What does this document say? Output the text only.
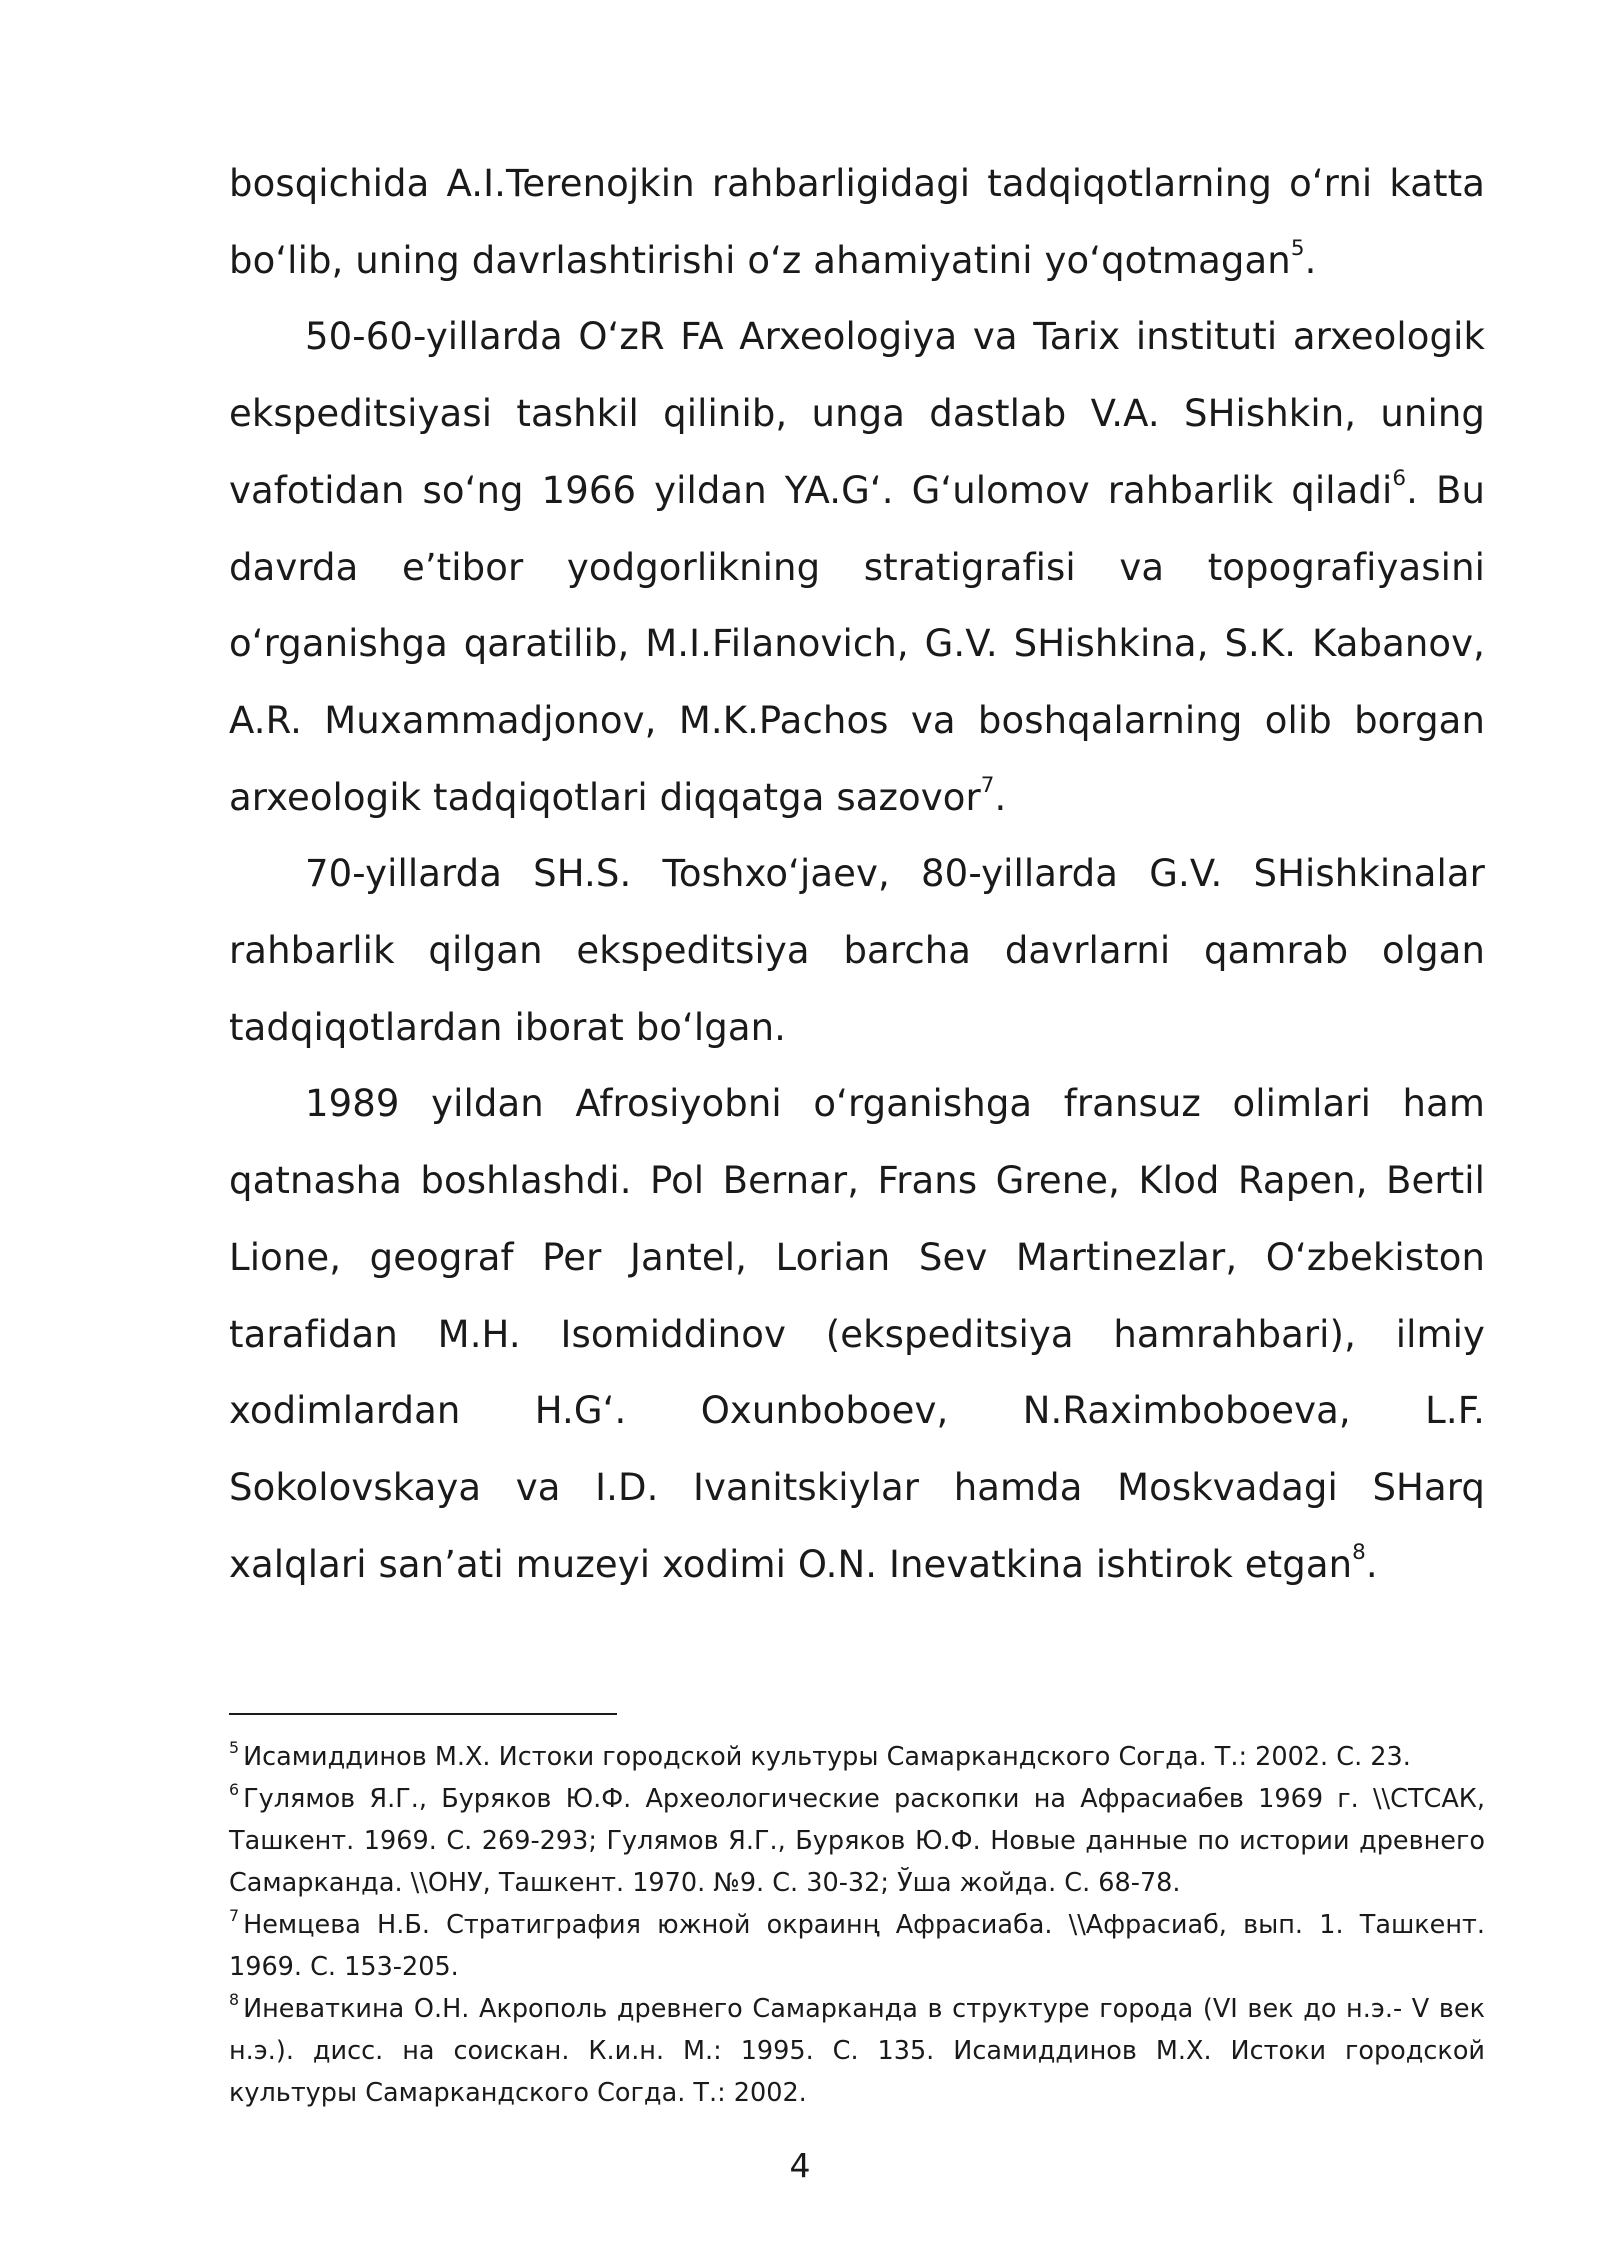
bosqichida A.I.Terenojkin rahbarligidagi tadqiqotlarning oʻrni katta boʻlib, uning davrlashtirishi oʻz ahamiyatini yoʻqotmagan$^5$.

50-60-yillarda OʻzR FA Arxeologiya va Tarix instituti arxeologik ekspeditsiyasi tashkil qilinib, unga dastlab V.A. SHishkin, uning vafotidan soʻng 1966 yildan YA.Gʻ. Gʻulomov rahbarlik qiladi$^6$. Bu davrda eʼtibor yodgorlikning stratigrafisi va topografiyasini oʻrganishga qaratilib, M.I.Filanovich, G.V. SHishkina, S.K. Kabanov, A.R. Muxammadjonov, M.K.Pachos va boshqalarning olib borgan arxeologik tadqiqotlari diqqatga sazovor$^7$.

70-yillarda SH.S. Toshxoʻjaev, 80-yillarda G.V. SHishkinalar rahbarlik qilgan ekspeditsiya barcha davrlarni qamrab olgan tadqiqotlardan iborat boʻlgan.

1989 yildan Afrosiyobni oʻrganishga fransuz olimlari ham qatnasha boshlashdi. Pol Bernar, Frans Grene, Klod Rapen, Bertil Lione, geograf Per Jantel, Lorian Sev Martinezlar, Oʻzbekiston tarafidan M.H. Isomiddinov (ekspeditsiya hamrahbari), ilmiy xodimlardan H.Gʻ. Oxunboboev, N.Raximboboeva, L.F. Sokolovskaya va I.D. Ivanitskiylar hamda Moskvadagi SHarq xalqlari sanʼati muzeyi xodimi O.N. Inevatkina ishtirok etgan$^8$.

$^5$ Исамиддинов М.Х. Истоки городской культуры Самаркандского Согда. Т.: 2002. С. 23.

$^6$ Гулямов Я.Г., Буряков Ю.Ф. Археологические раскопки на Афрасиабев 1969 г. \\СТСАК, Ташкент. 1969. С. 269-293; Гулямов Я.Г., Буряков Ю.Ф. Новые данные по истории древнего Самарканда. \\ОНУ, Ташкент. 1970. №9. С. 30-32; Ўша жойда. С. 68-78.

$^7$ Немцева Н.Б. Стратиграфия южной окраинң Афрасиаба. \\Афрасиаб, вып. 1. Ташкент. 1969. С. 153-205.

$^8$ Иневаткина О.Н. Акрополь древнего Самарканда в структуре города (VI век до н.э.- V век н.э.). дисс. на соискан. К.и.н. М.: 1995. С. 135. Исамиддинов М.Х. Истоки городской культуры Самаркандского Согда. Т.: 2002.

4
